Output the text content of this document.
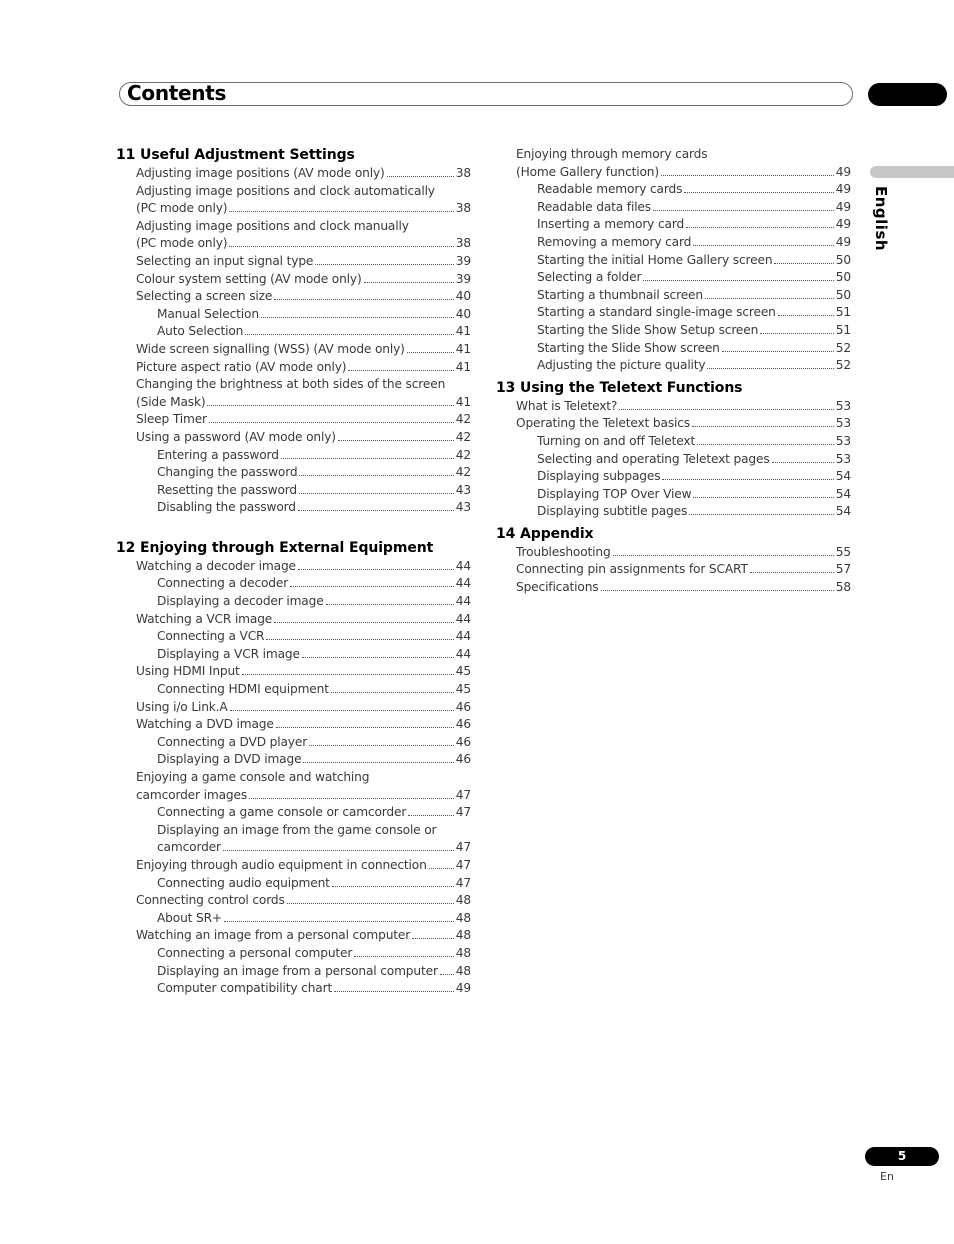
Contents
English
11 Useful Adjustment Settings
Adjusting image positions (AV mode only)	38
Adjusting image positions and clock automatically
(PC mode only)	38
Adjusting image positions and clock manually
(PC mode only)	38
Selecting an input signal type	39
Colour system setting (AV mode only)	39
Selecting a screen size	40
Manual Selection	40
Auto Selection	41
Wide screen signalling (WSS) (AV mode only)	41
Picture aspect ratio (AV mode only)	41
Changing the brightness at both sides of the screen
(Side Mask)	41
Sleep Timer	42
Using a password (AV mode only)	42
Entering a password	42
Changing the password	42
Resetting the password	43
Disabling the password	43
12 Enjoying through External Equipment
Watching a decoder image	44
Connecting a decoder	44
Displaying a decoder image	44
Watching a VCR image	44
Connecting a VCR	44
Displaying a VCR image	44
Using HDMI Input	45
Connecting HDMI equipment	45
Using i/o Link.A	46
Watching a DVD image	46
Connecting a DVD player	46
Displaying a DVD image	46
Enjoying a game console and watching
camcorder images	47
Connecting a game console or camcorder	47
Displaying an image from the game console or
camcorder	47
Enjoying through audio equipment in connection 47
Connecting audio equipment	47
Connecting control cords	48
About SR+	48
Watching an image from a personal computer	48
Connecting a personal computer	48
Displaying an image from a personal computer 48
Computer compatibility chart	49
Enjoying through memory cards
(Home Gallery function)	49
Readable memory cards	49
Readable data files	49
Inserting a memory card	49
Removing a memory card	49
Starting the initial Home Gallery screen	50
Selecting a folder	50
Starting a thumbnail screen	50
Starting a standard single-image screen	51
Starting the Slide Show Setup screen	51
Starting the Slide Show screen	52
Adjusting the picture quality	52
13 Using the Teletext Functions
What is Teletext?	53
Operating the Teletext basics	53
Turning on and off Teletext	53
Selecting and operating Teletext pages	53
Displaying subpages	54
Displaying TOP Over View	54
Displaying subtitle pages	54
14 Appendix
Troubleshooting	55
Connecting pin assignments for SCART	57
Specifications	58
5
En
